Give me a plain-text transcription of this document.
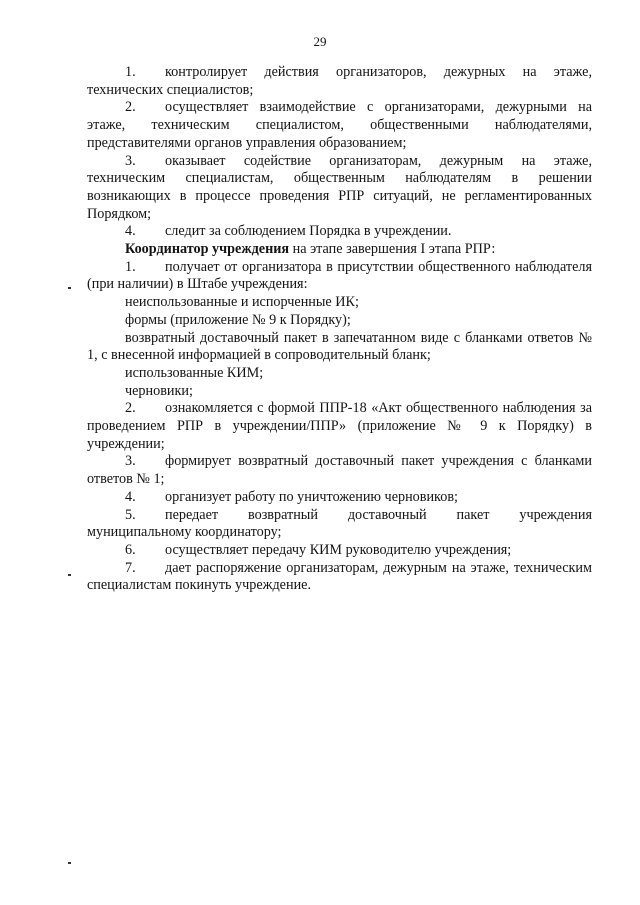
29

1. контролирует действия организаторов, дежурных на этаже, технических специалистов;

2. осуществляет взаимодействие с организаторами, дежурными на этаже, техническим специалистом, общественными наблюдателями, представителями органов управления образованием;

3. оказывает содействие организаторам, дежурным на этаже, техническим специалистам, общественным наблюдателям в решении возникающих в процессе проведения РПР ситуаций, не регламентированных Порядком;

4. следит за соблюдением Порядка в учреждении.

Координатор учреждения на этапе завершения I этапа РПР:

1. получает от организатора в присутствии общественного наблюдателя (при наличии) в Штабе учреждения:

неиспользованные и испорченные ИК;

формы (приложение № 9 к Порядку);

возвратный доставочный пакет в запечатанном виде с бланками ответов № 1, с внесенной информацией в сопроводительный бланк;

использованные КИМ;

черновики;

2. ознакомляется с формой ППР-18 «Акт общественного наблюдения за проведением РПР в учреждении/ППР» (приложение № 9 к Порядку) в учреждении;

3. формирует возвратный доставочный пакет учреждения с бланками ответов № 1;

4. организует работу по уничтожению черновиков;

5. передает возвратный доставочный пакет учреждения муниципальному координатору;

6. осуществляет передачу КИМ руководителю учреждения;

7. дает распоряжение организаторам, дежурным на этаже, техническим специалистам покинуть учреждение.
